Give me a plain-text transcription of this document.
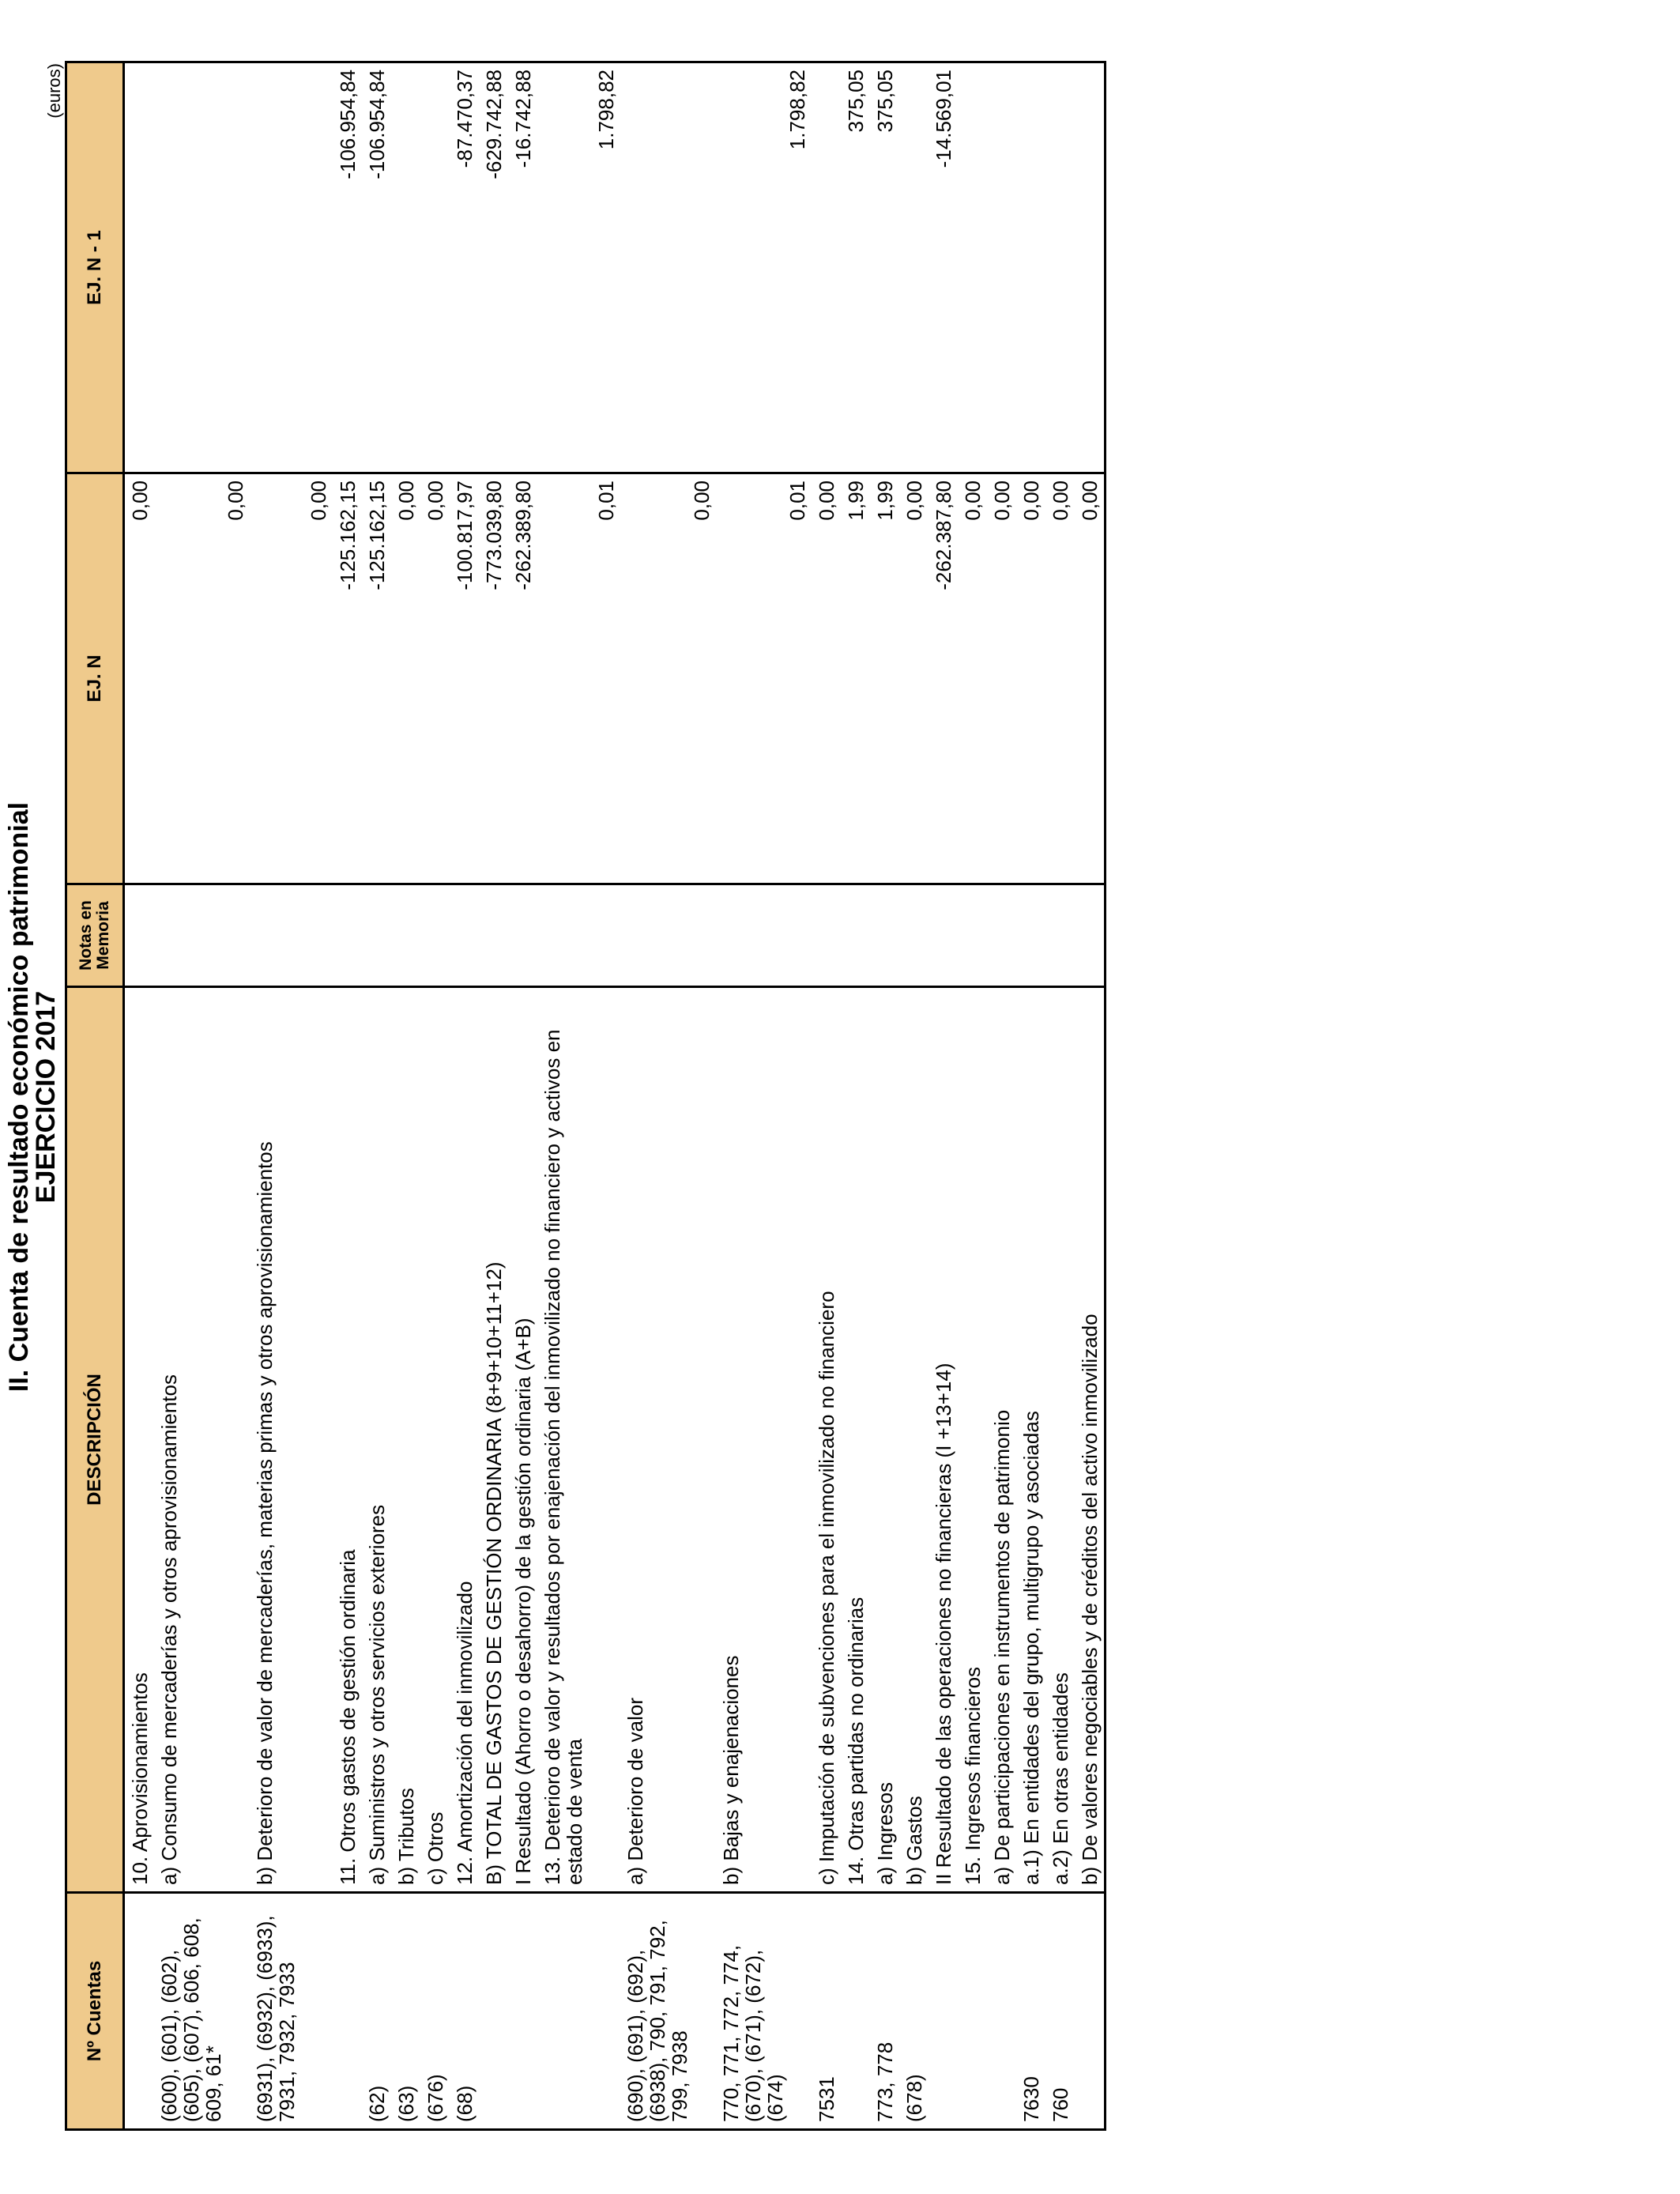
II. Cuenta de resultado económico patrimonial
EJERCICIO 2017
(euros)
Nº Cuentas	DESCRIPCIÓN	Notas en Memoria	EJ. N	EJ. N - 1
	10. Aprovisionamientos		0,00	
(600), (601), (602), (605), (607), 606, 608, 609, 61*	a) Consumo de mercaderías y otros aprovisionamientos		0,00	
(6931), (6932), (6933), 7931, 7932, 7933	b) Deterioro de valor de mercaderías, materias primas y otros aprovisionamientos		0,00	
	11. Otros gastos de gestión ordinaria		-125.162,15	-106.954,84
(62)	a) Suministros y otros servicios exteriores		-125.162,15	-106.954,84
(63)	b) Tributos		0,00	
(676)	c) Otros		0,00	
(68)	12. Amortización del inmovilizado		-100.817,97	-87.470,37
	B) TOTAL DE GASTOS DE GESTIÓN ORDINARIA (8+9+10+11+12)		-773.039,80	-629.742,88
	I Resultado (Ahorro o desahorro) de la gestión ordinaria (A+B)		-262.389,80	-16.742,88
	13. Deterioro de valor y resultados por enajenación del inmovilizado no financiero y activos en estado de venta		0,01	1.798,82
(690), (691), (692), (6938), 790, 791, 792, 799, 7938	a) Deterioro de valor		0,00	
770, 771, 772, 774, (670), (671), (672), (674)	b) Bajas y enajenaciones		0,01	1.798,82
7531	c) Imputación de subvenciones para el inmovilizado no financiero		0,00	
	14. Otras partidas no ordinarias		1,99	375,05
773, 778	a) Ingresos		1,99	375,05
(678)	b) Gastos		0,00	
	II Resultado de las operaciones no financieras (I +13+14)		-262.387,80	-14.569,01
	15. Ingresos financieros		0,00	
	a) De participaciones en instrumentos de patrimonio		0,00	
7630	a.1) En entidades del grupo, multigrupo y asociadas		0,00	
760	a.2) En otras entidades		0,00	
	b) De valores negociables y de créditos del activo inmovilizado		0,00	
